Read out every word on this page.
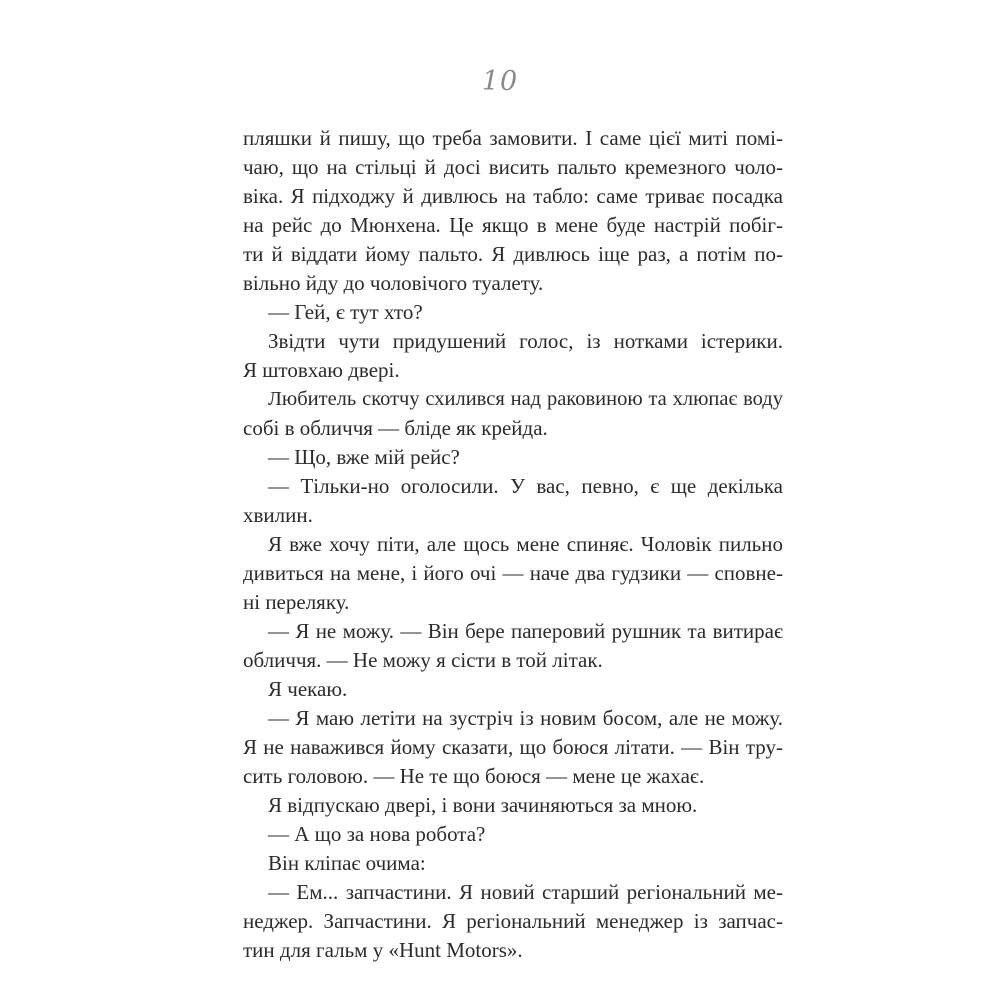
10
пляшки й пишу, що треба замовити. І саме цієї миті помі-
чаю, що на стільці й досі висить пальто кремезного чоло-
віка. Я підходжу й дивлюсь на табло: саме триває посадка
на рейс до Мюнхена. Це якщо в мене буде настрій побіг-
ти й віддати йому пальто. Я дивлюсь іще раз, а потім по-
вільно йду до чоловічого туалету.
— Гей, є тут хто?
Звідти чути придушений голос, із нотками істерики.
Я штовхаю двері.
Любитель скотчу схилився над раковиною та хлюпає воду
собі в обличчя — бліде як крейда.
— Що, вже мій рейс?
— Тільки-но оголосили. У вас, певно, є ще декілька
хвилин.
Я вже хочу піти, але щось мене спиняє. Чоловік пильно
дивиться на мене, і його очі — наче два гудзики — сповне-
ні переляку.
— Я не можу. — Він бере паперовий рушник та витирає
обличчя. — Не можу я сісти в той літак.
Я чекаю.
— Я маю летіти на зустріч із новим босом, але не можу.
Я не наважився йому сказати, що боюся літати. — Він тру-
сить головою. — Не те що боюся — мене це жахає.
Я відпускаю двері, і вони зачиняються за мною.
— А що за нова робота?
Він кліпає очима:
— Ем... запчастини. Я новий старший регіональний ме-
неджер. Запчастини. Я регіональний менеджер із запчас-
тин для гальм у «Hunt Motors».
